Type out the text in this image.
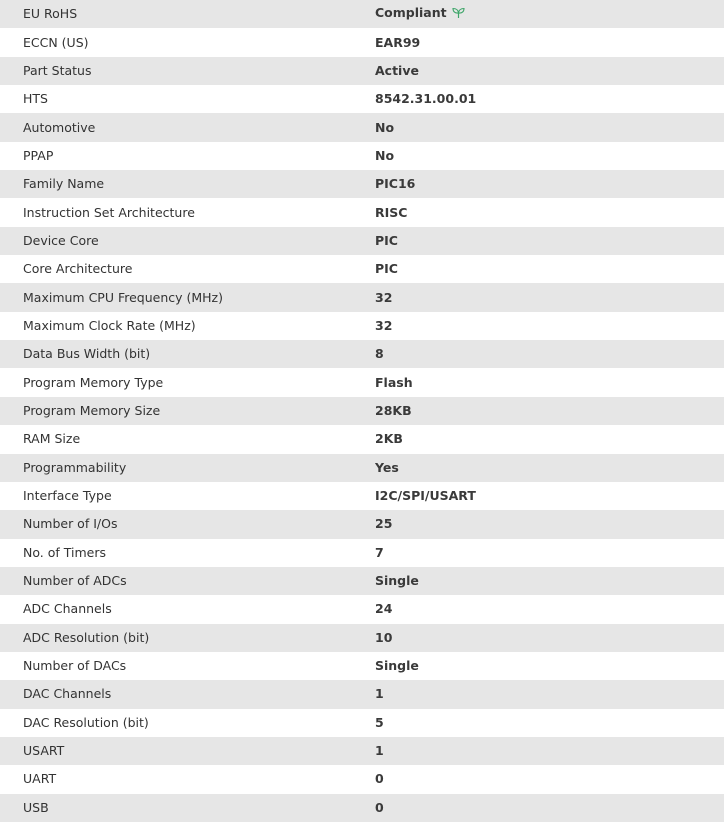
EU RoHS	Compliant
ECCN (US)	EAR99
Part Status	Active
HTS	8542.31.00.01
Automotive	No
PPAP	No
Family Name	PIC16
Instruction Set Architecture	RISC
Device Core	PIC
Core Architecture	PIC
Maximum CPU Frequency (MHz)	32
Maximum Clock Rate (MHz)	32
Data Bus Width (bit)	8
Program Memory Type	Flash
Program Memory Size	28KB
RAM Size	2KB
Programmability	Yes
Interface Type	I2C/SPI/USART
Number of I/Os	25
No. of Timers	7
Number of ADCs	Single
ADC Channels	24
ADC Resolution (bit)	10
Number of DACs	Single
DAC Channels	1
DAC Resolution (bit)	5
USART	1
UART	0
USB	0
